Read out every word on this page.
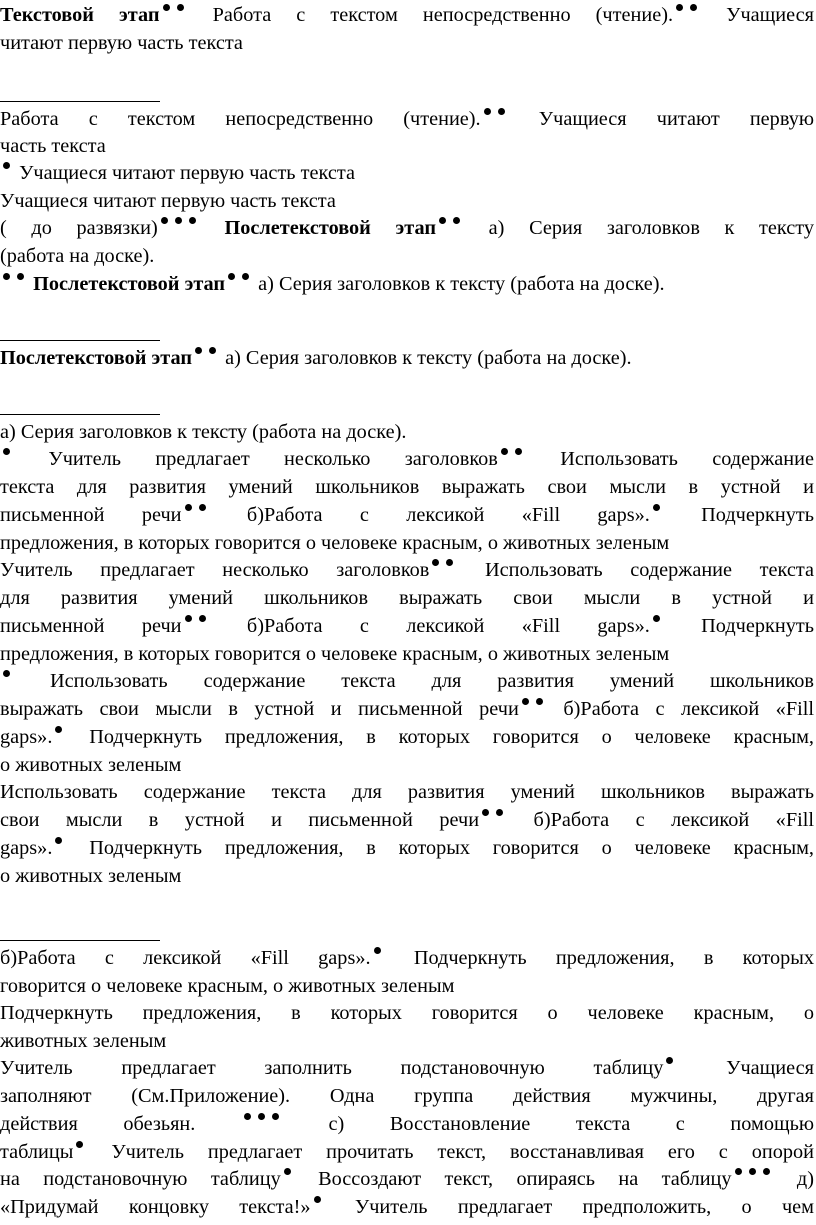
Текстовой этап Работа с текстом непосредственно (чтение). Учащиеся
читают первую часть текста
Работа с текстом непосредственно (чтение). Учащиеся читают первую
часть текста
Учащиеся читают первую часть текста
Учащиеся читают первую часть текста
( до развязки)	Послетекстовой этап а) Серия заголовков к тексту
(работа на доске).
Послетекстовой этап а) Серия заголовков к тексту (работа на доске).
Послетекстовой этап а) Серия заголовков к тексту (работа на доске).
а) Серия заголовков к тексту (работа на доске).
Учитель предлагает несколько заголовков Использовать содержание
текста для развития умений школьников выражать свои мысли в устной и
письменной речи б)Работа с лексикой «Fill gaps». Подчеркнуть
предложения, в которых говорится о человеке красным, о животных зеленым
Учитель предлагает несколько заголовков Использовать содержание текста
для развития умений школьников выражать свои мысли в устной и
письменной речи б)Работа с лексикой «Fill gaps». Подчеркнуть
предложения, в которых говорится о человеке красным, о животных зеленым
Использовать содержание текста для развития умений школьников
выражать свои мысли в устной и письменной речи б)Работа с лексикой «Fill
gaps». Подчеркнуть предложения, в которых говорится о человеке красным,
о животных зеленым
Использовать содержание текста для развития умений школьников выражать
свои мысли в устной и письменной речи б)Работа с лексикой «Fill
gaps». Подчеркнуть предложения, в которых говорится о человеке красным,
о животных зеленым
б)Работа с лексикой «Fill gaps». Подчеркнуть предложения, в которых
говорится о человеке красным, о животных зеленым
Подчеркнуть предложения, в которых говорится о человеке красным, о
животных зеленым
Учитель предлагает заполнить подстановочную таблицу Учащиеся
заполняют (См.Приложение). Одна группа действия мужчины, другая
действия обезьян.  с) Восстановление текста с помощью
таблицы Учитель предлагает прочитать текст, восстанавливая его с опорой
на подстановочную таблицу Воссоздают текст, опираясь на таблицу д)
«Придумай концовку текста!» Учитель предлагает предположить, о чем
